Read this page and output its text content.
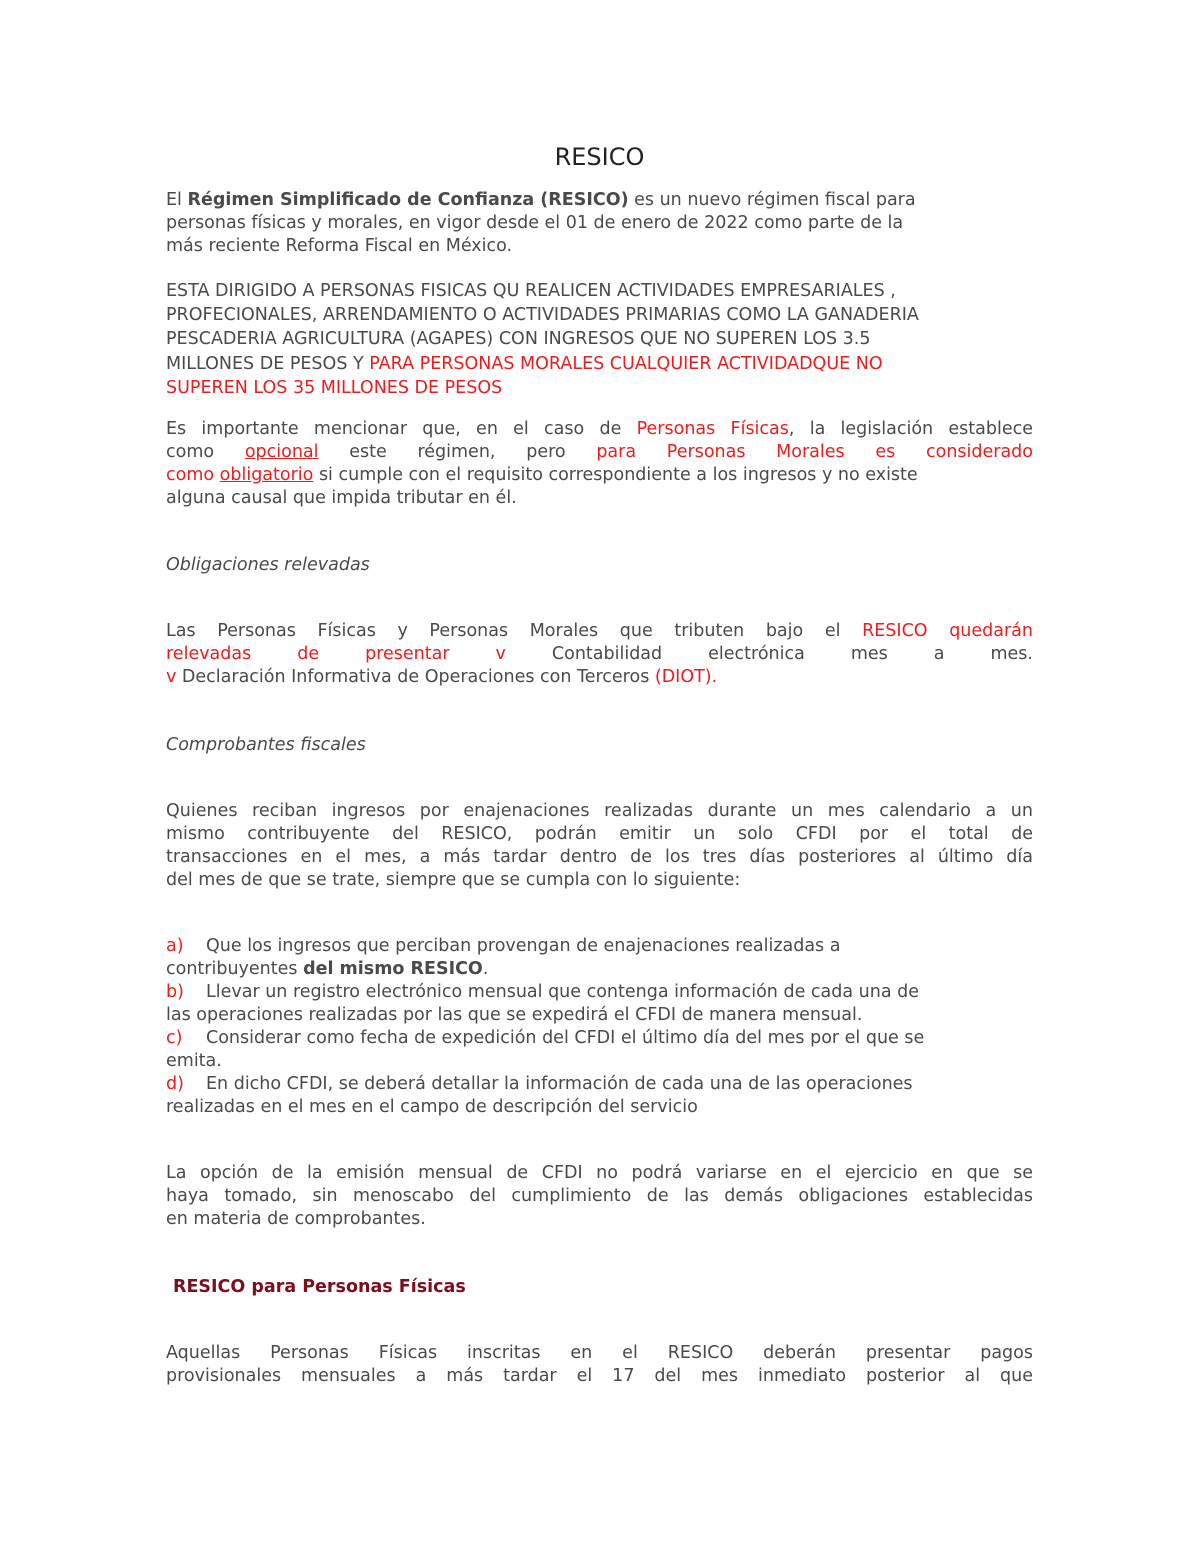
RESICO
El Régimen Simplificado de Confianza (RESICO) es un nuevo régimen fiscal para
personas físicas y morales, en vigor desde el 01 de enero de 2022 como parte de la
más reciente Reforma Fiscal en México.
ESTA DIRIGIDO A PERSONAS FISICAS QU REALICEN ACTIVIDADES EMPRESARIALES ,
PROFECIONALES, ARRENDAMIENTO O ACTIVIDADES PRIMARIAS COMO LA GANADERIA
PESCADERIA AGRICULTURA (AGAPES) CON INGRESOS QUE NO SUPEREN LOS 3.5
MILLONES DE PESOS Y PARA PERSONAS MORALES CUALQUIER ACTIVIDADQUE NO
SUPEREN LOS 35 MILLONES DE PESOS
Es importante mencionar que, en el caso de Personas Físicas, la legislación establece
como opcional este régimen, pero para Personas Morales es considerado
como obligatorio si cumple con el requisito correspondiente a los ingresos y no existe
alguna causal que impida tributar en él.
Obligaciones relevadas
Las Personas Físicas y Personas Morales que tributen bajo el RESICO quedarán
relevadas de presentar v	Contabilidad electrónica mes a mes.
v Declaración Informativa de Operaciones con Terceros (DIOT).
Comprobantes fiscales
Quienes reciban ingresos por enajenaciones realizadas durante un mes calendario a un
mismo contribuyente del RESICO, podrán emitir un solo CFDI por el total de
transacciones en el mes, a más tardar dentro de los tres días posteriores al último día
del mes de que se trate, siempre que se cumpla con lo siguiente:
a) Que los ingresos que perciban provengan de enajenaciones realizadas a
contribuyentes del mismo RESICO.
b) Llevar un registro electrónico mensual que contenga información de cada una de
las operaciones realizadas por las que se expedirá el CFDI de manera mensual.
c) Considerar como fecha de expedición del CFDI el último día del mes por el que se
emita.
d) En dicho CFDI, se deberá detallar la información de cada una de las operaciones
realizadas en el mes en el campo de descripción del servicio
La opción de la emisión mensual de CFDI no podrá variarse en el ejercicio en que se
haya tomado, sin menoscabo del cumplimiento de las demás obligaciones establecidas
en materia de comprobantes.
RESICO para Personas Físicas
Aquellas Personas Físicas inscritas en el RESICO deberán presentar pagos
provisionales mensuales a más tardar el 17 del mes inmediato posterior al que
